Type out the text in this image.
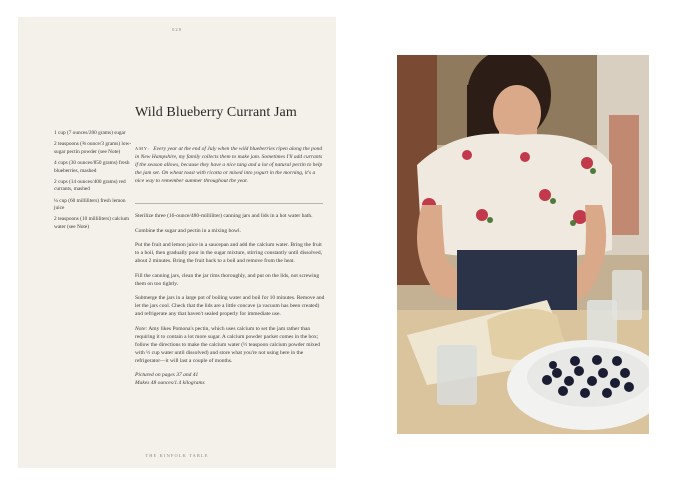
028
Wild Blueberry Currant Jam
1 cup (7 ounces/200 grams) sugar
2 teaspoons (⅝ ounce/3 grams) low-sugar pectin powder (see Note)
4 cups (30 ounces/850 grams) fresh blueberries, mashed
2 cups (14 ounces/400 grams) red currants, mashed
¼ cup (60 milliliters) fresh lemon juice
2 teaspoons (10 milliliters) calcium water (see Note)

AMY: Every year at the end of July when the wild blueberries ripen along the pond in New Hampshire, my family collects them to make jam. Sometimes I'll add currants if the season allows, because they have a nice tang and a lot of natural pectin to help the jam set. On wheat toast with ricotta or mixed into yogurt in the morning, it's a nice way to remember summer throughout the year.

Sterilize three (16-ounce/480-milliliter) canning jars and lids in a hot water bath.

Combine the sugar and pectin in a mixing bowl.

Put the fruit and lemon juice in a saucepan and add the calcium water. Bring the fruit to a boil, then gradually pour in the sugar mixture, stirring constantly until dissolved, about 2 minutes. Bring the fruit back to a boil and remove from the heat.

Fill the canning jars, clean the jar rims thoroughly, and put on the lids, not screwing them on too tightly.

Submerge the jars in a large pot of boiling water and boil for 10 minutes. Remove and let the jars cool. Check that the lids are a little concave (a vacuum has been created) and refrigerate any that haven't sealed properly for immediate use.

Note: Amy likes Pomona's pectin, which uses calcium to set the jam rather than requiring it to contain a lot more sugar. A calcium powder packet comes in the box; follow the directions to make the calcium water (½ teaspoon calcium powder mixed with ½ cup water until dissolved) and store what you're not using here in the refrigerator—it will last a couple of months.

Pictured on pages 37 and 41

Makes 48 ounces/1.4 kilograms

THE KINFOLK TABLE
